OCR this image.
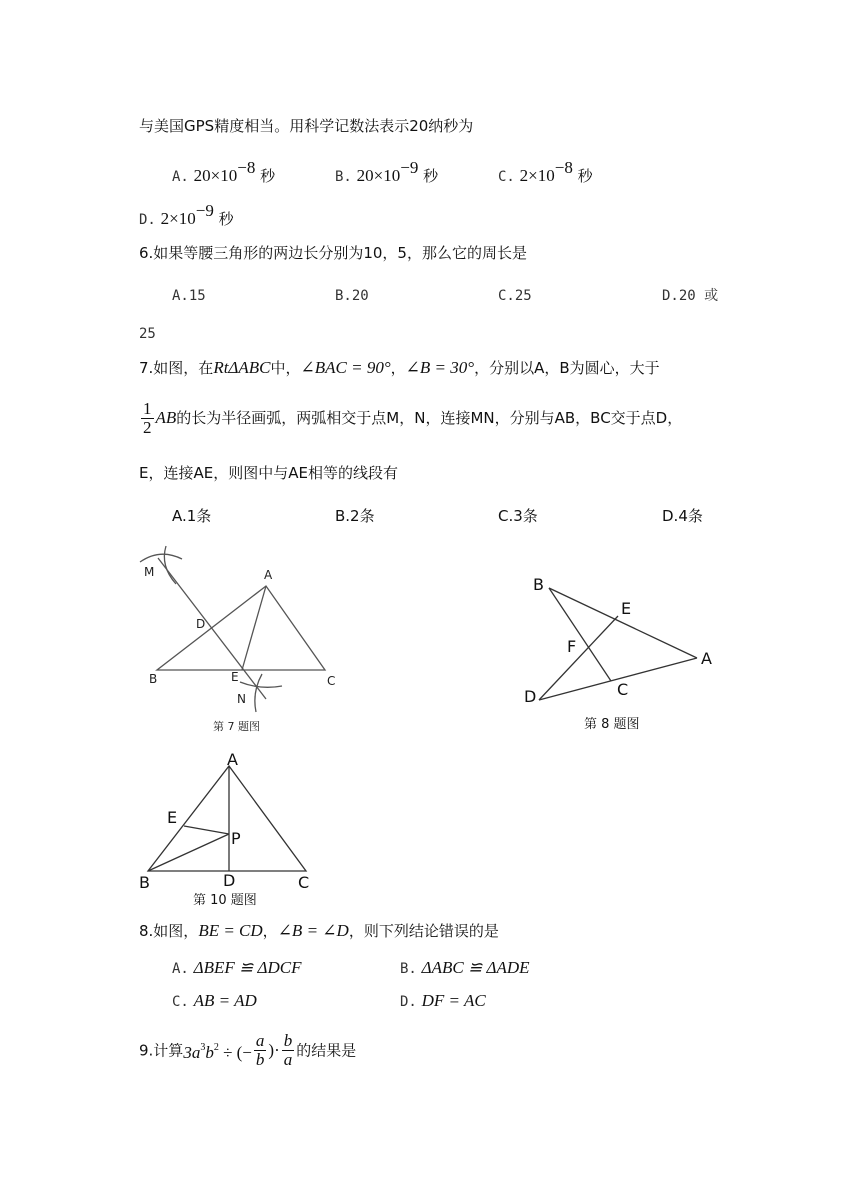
与美国GPS精度相当。用科学记数法表示20纳秒为
A. $20\times 10^{-8}$ 秒	B. $20\times 10^{-9}$ 秒	C. $2\times 10^{-8}$ 秒
D. $2\times 10^{-9}$ 秒
6.如果等腰三角形的两边长分别为10，5，那么它的周长是
A.15	B.20	C.25	D.20 或
25
7.如图，在RtΔABC中，∠BAC = 90°，∠B = 30°，分别以A，B为圆心，大于
$\frac{1}{2}$ AB的长为半径画弧，两弧相交于点M，N，连接MN，分别与AB，BC交于点D，
E，连接AE，则图中与AE相等的线段有
A.1条	B.2条	C.3条	D.4条
M	A
D
B	E	C
N
第 7 题图
B
E
F
A
D	C
第 8 题图
A
E
P
B	D	C
第 10 题图
8.如图，BE = CD，∠B = ∠D，则下列结论错误的是
A. ΔBEF ≌ ΔDCF	B. ΔABC ≌ ΔADE
C. AB = AD	D. DF = AC
9.计算$3a^3b^2$ ÷ (− $\frac{a}{b}$ )· $\frac{b}{a}$ 的结果是
